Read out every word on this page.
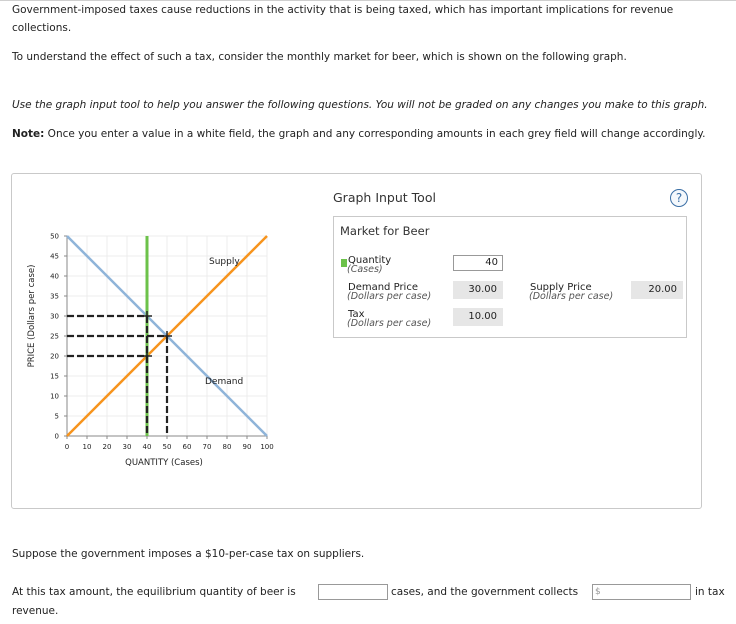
Government-imposed taxes cause reductions in the activity that is being taxed, which has important implications for revenue
collections.
To understand the effect of such a tax, consider the monthly market for beer, which is shown on the following graph.
Use the graph input tool to help you answer the following questions. You will not be graded on any changes you make to this graph.
Note: Once you enter a value in a white field, the graph and any corresponding amounts in each grey field will change accordingly.
PRICE (Dollars per case)
0
5
10
15
20
25
30
35
40
45
50
0 10 20 30 40 50 60 70 80 90 100
Supply
Demand
QUANTITY (Cases)
Graph Input Tool	?
Market for Beer
Quantity
(Cases)
40
Demand Price
(Dollars per case)
30.00	Supply Price
(Dollars per case)
20.00
Tax
(Dollars per case)
10.00
Suppose the government imposes a $10-per-case tax on suppliers.
At this tax amount, the equilibrium quantity of beer is	cases, and the government collects	$	in tax
revenue.
